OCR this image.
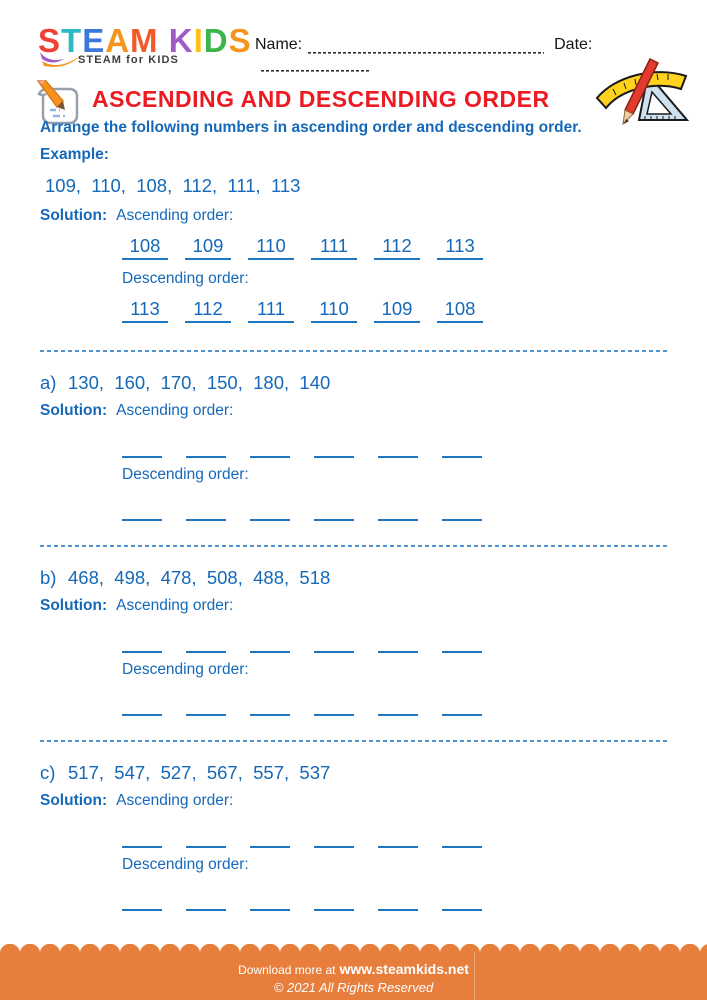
STEAM KIDS
STEAM for KIDS
Name:	Date:
ASCENDING AND DESCENDING ORDER
Arrange the following numbers in ascending order and descending order.
Example:
109,  110,  108,  112,  111,  113
Solution: Ascending order:
108 109 110 111 112 113
Descending order:
113 112 111 110 109 108
a) 130,  160,  170,  150,  180,  140
Solution: Ascending order:
Descending order:
b) 468,  498,  478,  508,  488,  518
Solution: Ascending order:
Descending order:
c) 517,  547,  527,  567,  557,  537
Solution: Ascending order:
Descending order:
Download more at www.steamkids.net
© 2021 All Rights Reserved
